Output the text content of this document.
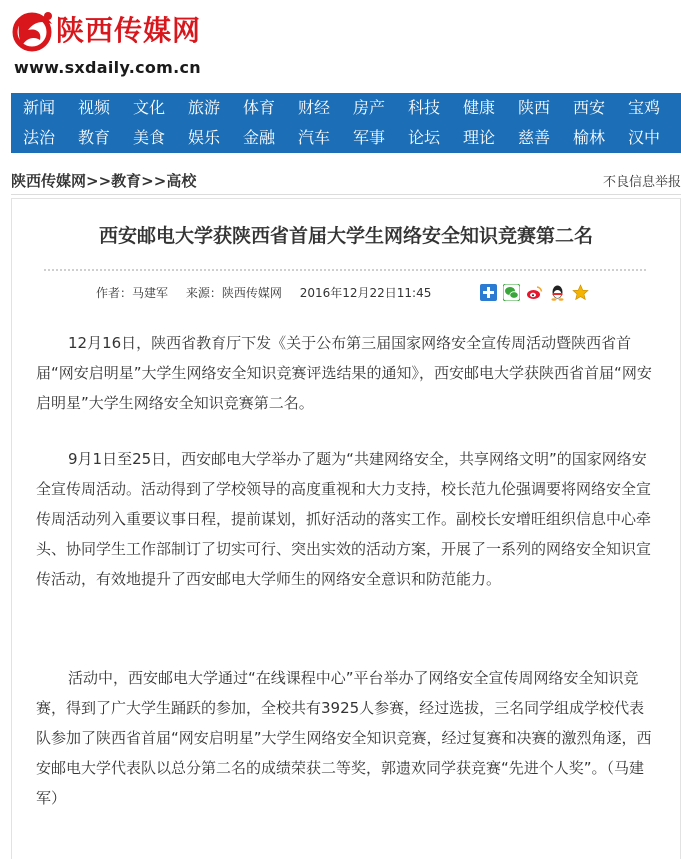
陕西传媒网
www.sxdaily.com.cn
新闻	视频	文化	旅游	体育	财经	房产	科技	健康	陕西	西安	宝鸡
法治	教育	美食	娱乐	金融	汽车	军事	论坛	理论	慈善	榆林	汉中
陕西传媒网>>教育>>高校	不良信息举报
西安邮电大学获陕西省首届大学生网络安全知识竞赛第二名
作者：马建军 来源：陕西传媒网 2016年12月22日11:45

12月16日，陕西省教育厅下发《关于公布第三届国家网络安全宣传周活动暨陕西省首届“网安启明星”大学生网络安全知识竞赛评选结果的通知》，西安邮电大学获陕西省首届“网安启明星”大学生网络安全知识竞赛第二名。

9月1日至25日，西安邮电大学举办了题为“共建网络安全，共享网络文明”的国家网络安全宣传周活动。活动得到了学校领导的高度重视和大力支持，校长范九伦强调要将网络安全宣传周活动列入重要议事日程，提前谋划，抓好活动的落实工作。副校长安增旺组织信息中心牵头、协同学生工作部制订了切实可行、突出实效的活动方案，开展了一系列的网络安全知识宣传活动，有效地提升了西安邮电大学师生的网络安全意识和防范能力。

活动中，西安邮电大学通过“在线课程中心”平台举办了网络安全宣传周网络安全知识竞赛，得到了广大学生踊跃的参加，全校共有3925人参赛，经过选拔，三名同学组成学校代表队参加了陕西省首届“网安启明星”大学生网络安全知识竞赛，经过复赛和决赛的激烈角逐，西安邮电大学代表队以总分第二名的成绩荣获二等奖，郭遗欢同学获竞赛“先进个人奖”。（马建军）
